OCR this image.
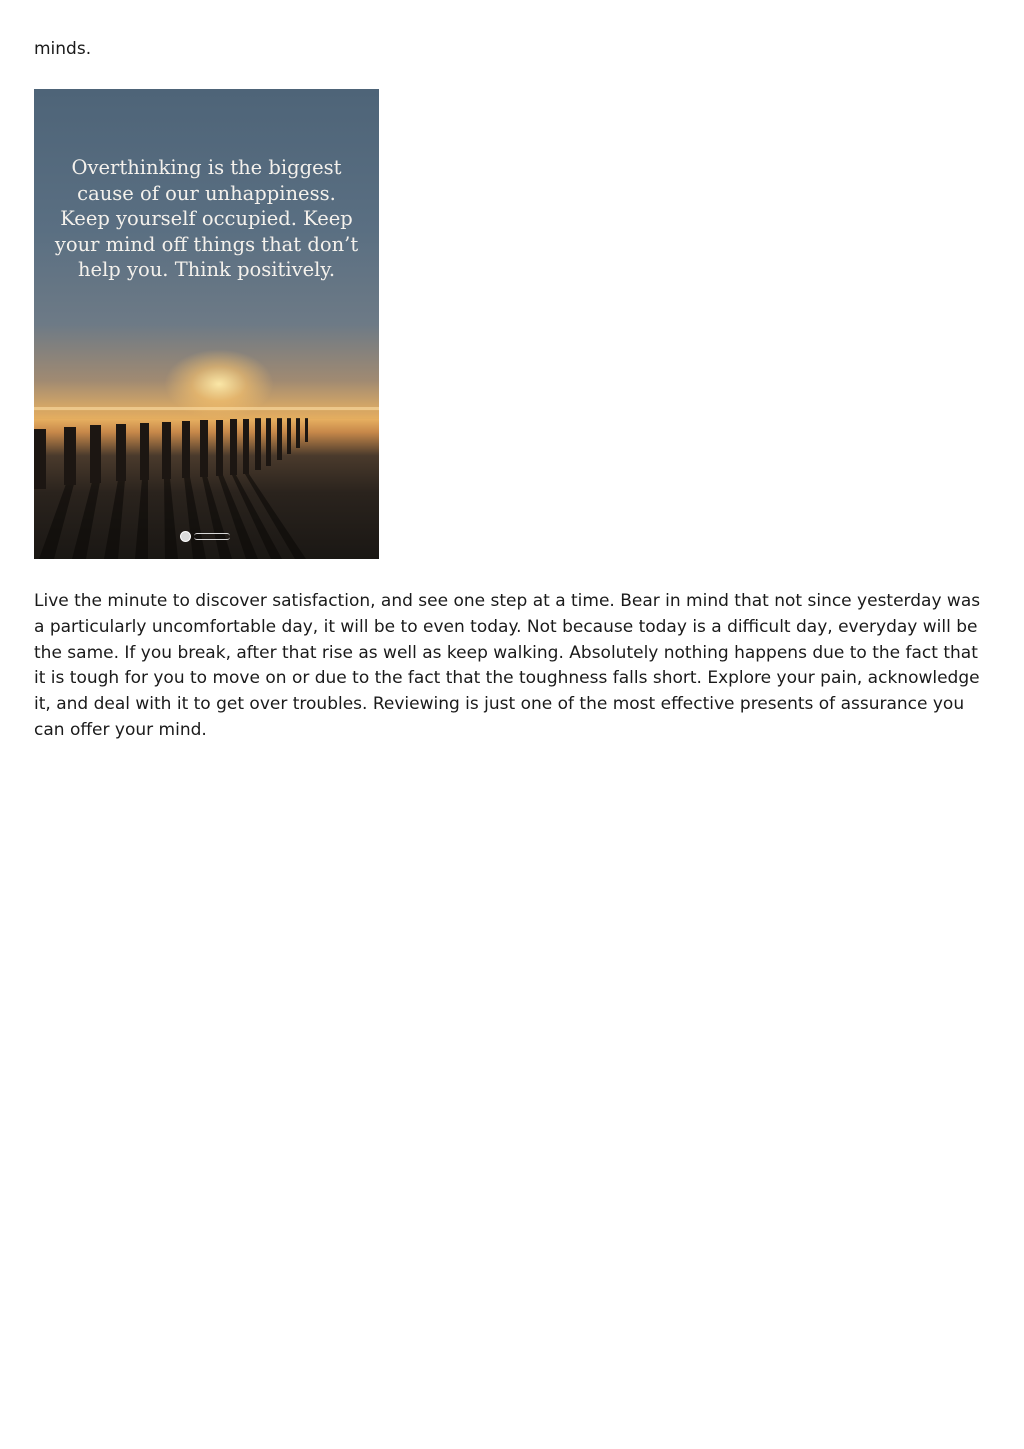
minds.

Overthinking is the biggest cause of our unhappiness. Keep yourself occupied. Keep your mind off things that don’t help you. Think positively.

Live the minute to discover satisfaction, and see one step at a time. Bear in mind that not since yesterday was a particularly uncomfortable day, it will be to even today. Not because today is a difficult day, everyday will be the same. If you break, after that rise as well as keep walking. Absolutely nothing happens due to the fact that it is tough for you to move on or due to the fact that the toughness falls short. Explore your pain, acknowledge it, and deal with it to get over troubles. Reviewing is just one of the most effective presents of assurance you can offer your mind.
